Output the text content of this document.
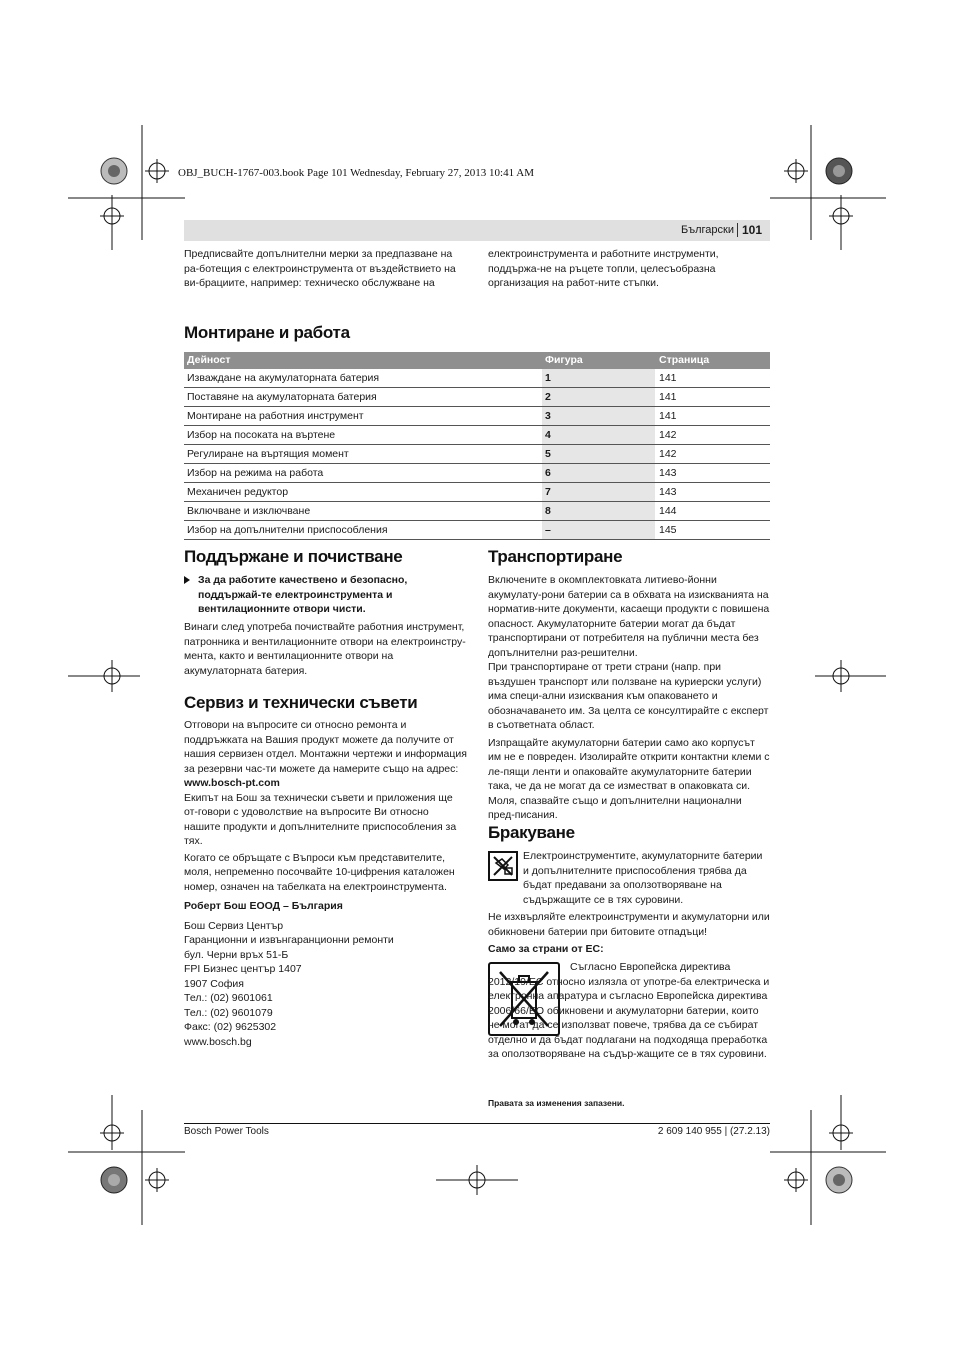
OBJ_BUCH-1767-003.book Page 101 Wednesday, February 27, 2013 10:41 AM
Български 101

Предписвайте допълнителни мерки за предпазване на ра-ботещия с електроинструмента от въздействието на ви-брациите, например: техническо обслужване на

електроинструмента и работните инструменти, поддържа-не на ръцете топли, целесъобразна организация на работ-ните стъпки.

Монтиране и работа
Дейност	Фигура	Страница
Изваждане на акумулаторната батерия	1	141
Поставяне на акумулаторната батерия	2	141
Монтиране на работния инструмент	3	141
Избор на посоката на въртене	4	142
Регулиране на въртящия момент	5	142
Избор на режима на работа	6	143
Механичен редуктор	7	143
Включване и изключване	8	144
Избор на допълнителни приспособления	–	145
Поддържане и почистване

За да работите качествено и безопасно, поддържай-те електроинструмента и вентилационните отвори чисти.

Винаги след употреба почиствайте работния инструмент, патронника и вентилационните отвори на електроинстру-мента, както и вентилационните отвори на акумулаторната батерия.

Сервиз и технически съвети

Отговори на въпросите си относно ремонта и поддръжката на Вашия продукт можете да получите от нашия сервизен отдел. Монтажни чертежи и информация за резервни час-ти можете да намерите също на адрес:

www.bosch-pt.com

Екипът на Бош за технически съвети и приложения ще от-говори с удоволствие на въпросите Ви относно нашите продукти и допълнителните приспособления за тях.

Когато се обръщате с Въпроси към представителите, моля, непременно посочвайте 10-цифрения каталожен номер, означен на табелката на електроинструмента.

Роберт Бош ЕООД – България

Бош Сервиз Център

Гаранционни и извънгаранционни ремонти

бул. Черни връх 51-Б

FPI Бизнес център 1407

1907 София

Тел.: (02) 9601061

Тел.: (02) 9601079

Факс: (02) 9625302

www.bosch.bg

Транспортиране

Включените в окомплектовката литиево-йонни акумулату-рони батерии са в обхвата на изискванията на норматив-ните документи, касаещи продукти с повишена опасност. Акумулаторните батерии могат да бъдат транспортирани от потребителя на публични места без допълнителни раз-решителни.

При транспортиране от трети страни (напр. при въздушен транспорт или ползване на куриерски услуги) има специ-ални изисквания към опаковането и обозначаването им. За целта се консултирайте с експерт в съответната област.

Изпращайте акумулаторни батерии само ако корпусът им не е повреден. Изолирайте открити контактни клеми с ле-пящи ленти и опаковайте акумулаторните батерии така, че да не могат да се изместват в опаковката си.

Моля, спазвайте също и допълнителни национални пред-писания.

Бракуване

Електроинструментите, акумулаторните батерии и допълнителните приспособления трябва да бъдат предавани за оползотворяване на съдържащите се в тях суровини.

Не изхвърляйте електроинструменти и акумулаторни или обикновени батерии при битовите отпадъци!

Само за страни от ЕС:

Съгласно Европейска директива 2012/19/ЕС относно излязла от употре-ба електрическа и електронна апаратура и съгласно Европейска директива 2006/66/ЕО обикновени и акумулаторни батерии, които не могат да се използват повече, трябва да се събират отделно и да бъдат подлагани на подходяща преработка за оползотворяване на съдър-жащите се в тях суровини.

Правата за изменения запазени.

Bosch Power Tools	2 609 140 955 | (27.2.13)
